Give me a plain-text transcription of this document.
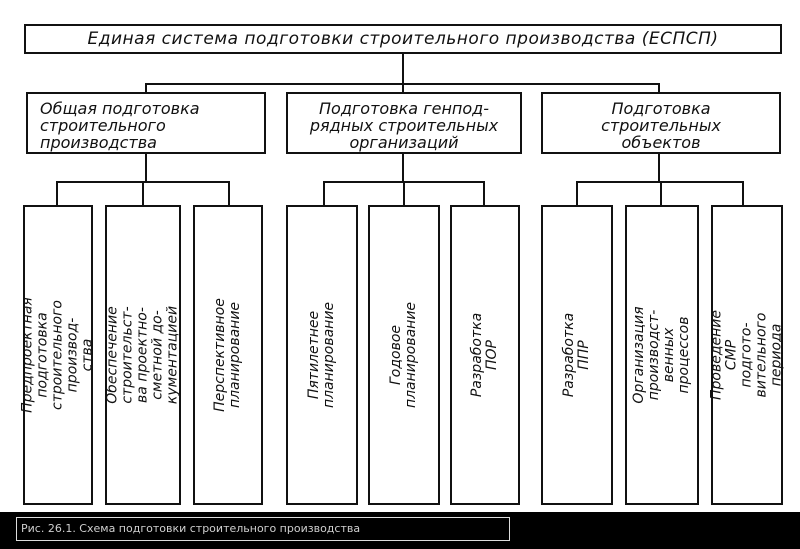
Единая система подготовки строительного производства (ЕСПСП)
Общая подготовка
строительного
производства
Подготовка генпод-
рядных строительных
организаций
Подготовка
строительных
объектов
Предпроектная подготовка
строительного производ-
ства Обеспечение строительст-
ва проектно-сметной до-
кументацией Перспективное
планирование	Пятилетнее
планирование	Годовое планирование	Разработка ПОР	Разработка ППР	Организация производст-
венных процессов Проведение СМР подгото-
вительного периода
Рис. 26.1. Схема подготовки строительного производства
